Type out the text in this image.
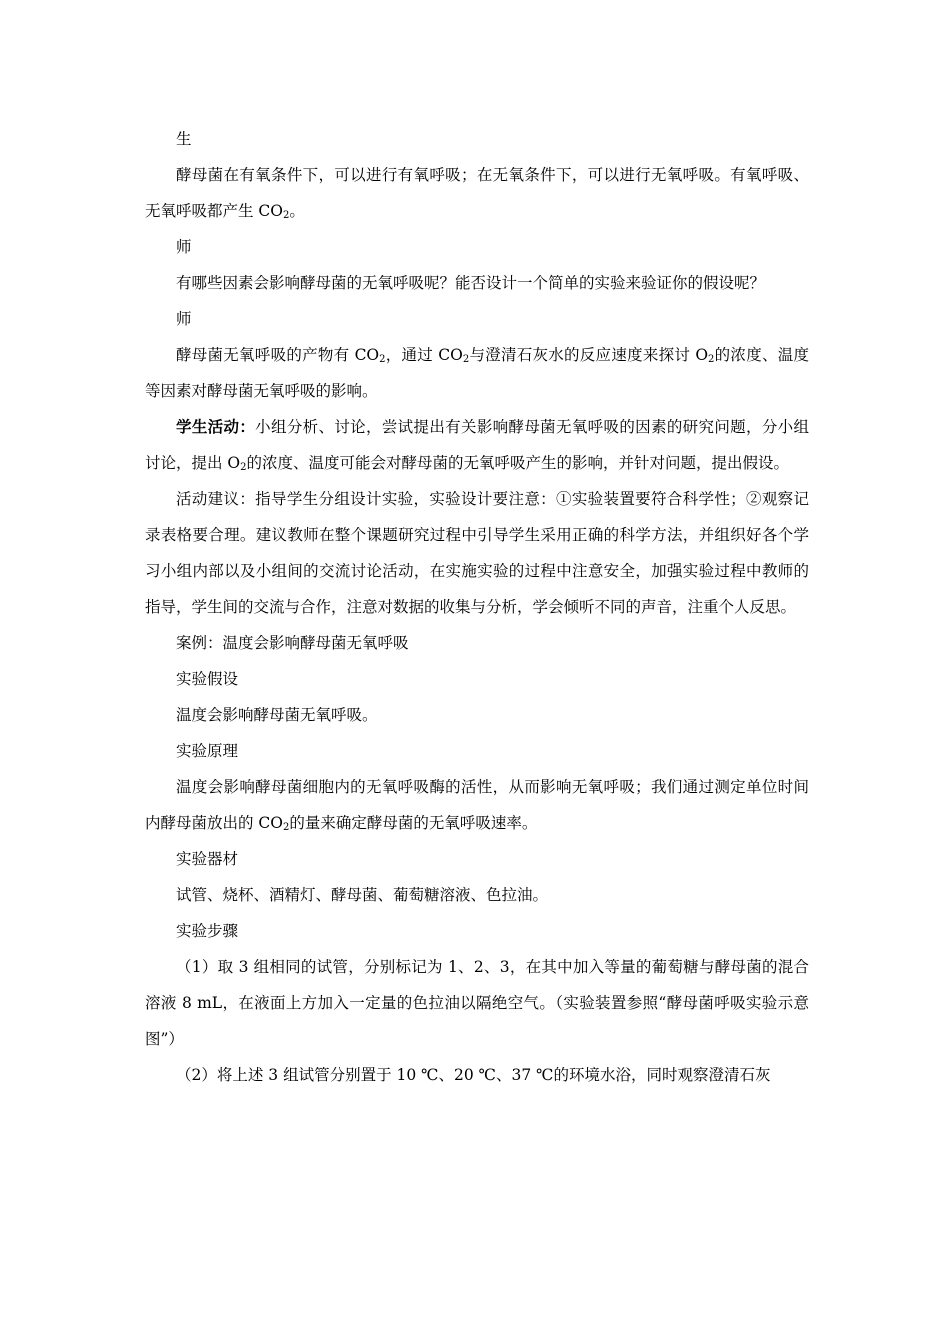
生

酵母菌在有氧条件下，可以进行有氧呼吸；在无氧条件下，可以进行无氧呼吸。有氧呼吸、无氧呼吸都产生 $CO_2$。

师

有哪些因素会影响酵母菌的无氧呼吸呢？能否设计一个简单的实验来验证你的假设呢？

师

酵母菌无氧呼吸的产物有 $CO_2$，通过 $CO_2$与澄清石灰水的反应速度来探讨 $O_2$的浓度、温度等因素对酵母菌无氧呼吸的影响。

学生活动：小组分析、讨论，尝试提出有关影响酵母菌无氧呼吸的因素的研究问题，分小组讨论，提出 $O_2$的浓度、温度可能会对酵母菌的无氧呼吸产生的影响，并针对问题，提出假设。

活动建议：指导学生分组设计实验，实验设计要注意：①实验装置要符合科学性；②观察记录表格要合理。建议教师在整个课题研究过程中引导学生采用正确的科学方法，并组织好各个学习小组内部以及小组间的交流讨论活动，在实施实验的过程中注意安全，加强实验过程中教师的指导，学生间的交流与合作，注意对数据的收集与分析，学会倾听不同的声音，注重个人反思。

案例：温度会影响酵母菌无氧呼吸

实验假设

温度会影响酵母菌无氧呼吸。

实验原理

温度会影响酵母菌细胞内的无氧呼吸酶的活性，从而影响无氧呼吸；我们通过测定单位时间内酵母菌放出的 $CO_2$的量来确定酵母菌的无氧呼吸速率。

实验器材

试管、烧杯、酒精灯、酵母菌、葡萄糖溶液、色拉油。

实验步骤

（1）取 3 组相同的试管，分别标记为 1、2、3，在其中加入等量的葡萄糖与酵母菌的混合溶液 8 mL，在液面上方加入一定量的色拉油以隔绝空气。（实验装置参照“酵母菌呼吸实验示意图”）

（2）将上述 3 组试管分别置于 10 ℃、20 ℃、37 ℃的环境水浴，同时观察澄清石灰
